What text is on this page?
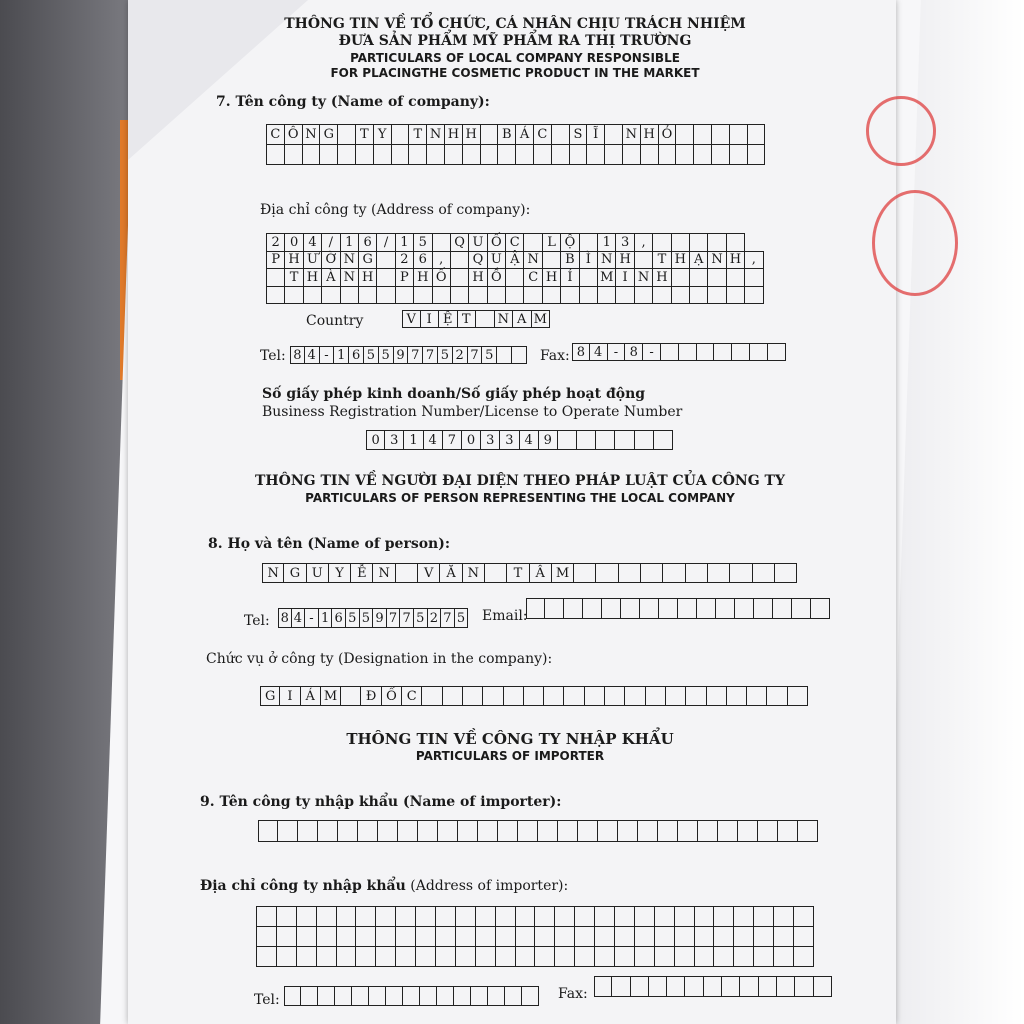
THÔNG TIN VỀ TỔ CHỨC, CÁ NHÂN CHỊU TRÁCH NHIỆM
ĐƯA SẢN PHẨM MỸ PHẨM RA THỊ TRƯỜNG
PARTICULARS OF LOCAL COMPANY RESPONSIBLE
FOR PLACINGTHE COSMETIC PRODUCT IN THE MARKET
7. Tên công ty (Name of company):
C	Ô	N	G		T	Y		T	N	H	H		B	Á	C		S	Ĩ		N	H	Ỏ					

Địa chỉ công ty (Address of company):
2	0	4	/	1	6	/	1	5		Q	U	Ố	C		L	Ộ		1	3	,						
P	H	Ư	Ờ	N	G		2	6	,		Q	U	Ậ	N		B	Ì	N	H		T	H	Ạ	N	H	,
	T	H	À	N	H		P	H	Ố		H	Ồ		C	H	Í		M	I	N	H					

Country	V I Ệ T	N A M
Tel: 8 4 - 1 6 5 5 9 7 7 5 2 7 5	Fax: 8 4 - 8 -
Số giấy phép kinh doanh/Số giấy phép hoạt động
Business Registration Number/License to Operate Number
0 3 1 4 7 0 3 3 4 9
THÔNG TIN VỀ NGƯỜI ĐẠI DIỆN THEO PHÁP LUẬT CỦA CÔNG TY
PARTICULARS OF PERSON REPRESENTING THE LOCAL COMPANY
8. Họ và tên (Name of person):
N G U Y	Ễ N	V Ă N	T	Â M
Tel: 8 4 - 1 6 5 5 9 7 7 5 2 7 5 Email:
Chức vụ ở công ty (Designation in the company):
G I	Á M	Đ Ố C
THÔNG TIN VỀ CÔNG TY NHẬP KHẨU
PARTICULARS OF IMPORTER
9. Tên công ty nhập khẩu (Name of importer):
Địa chỉ công ty nhập khẩu (Address of importer):

Tel:	Fax:
